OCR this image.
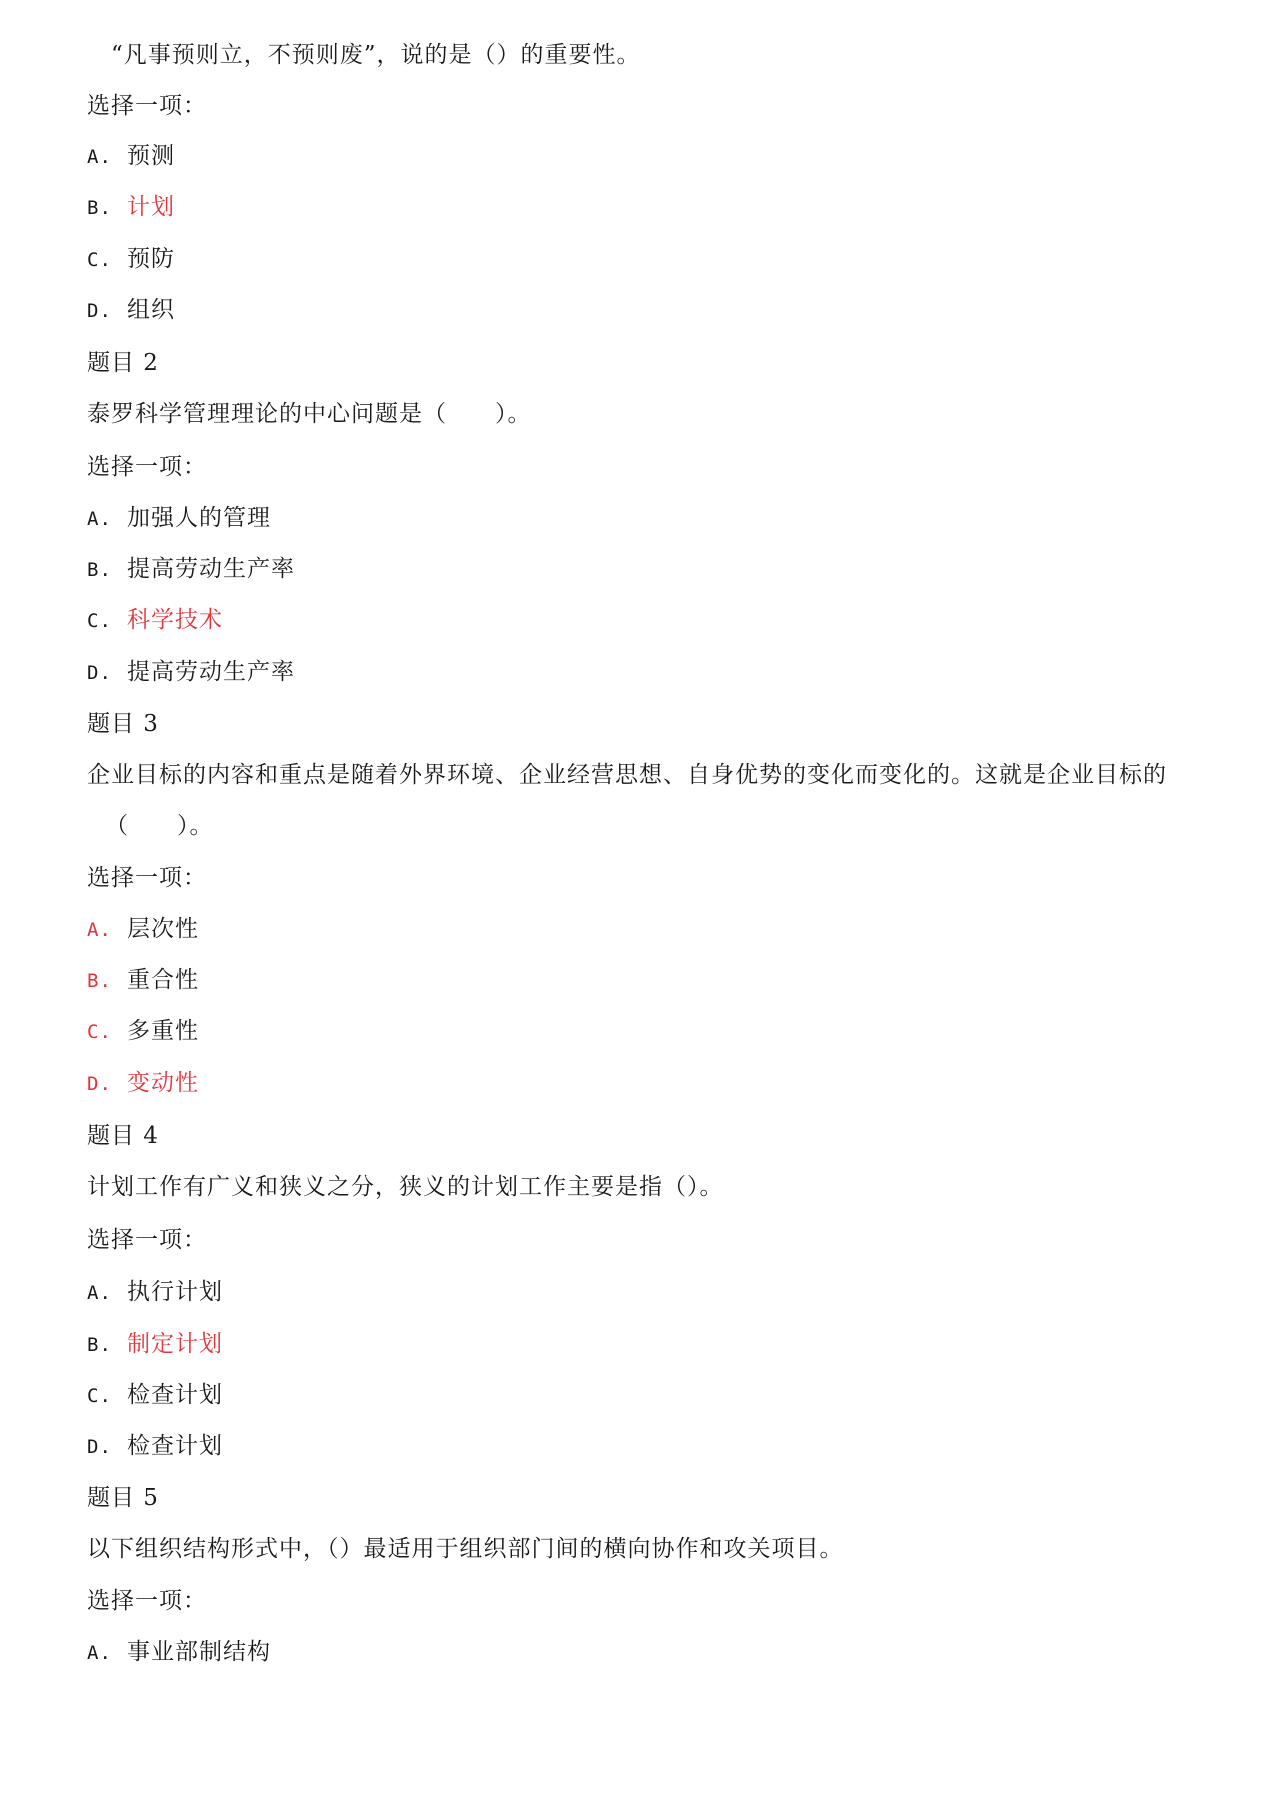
“凡事预则立，不预则废”，说的是（）的重要性。
选择一项：
A. 预测
B. 计划
C. 预防
D. 组织
题目 2
泰罗科学管理理论的中心问题是（　　）。
选择一项：
A. 加强人的管理
B. 提高劳动生产率
C. 科学技术
D. 提高劳动生产率
题目 3
企业目标的内容和重点是随着外界环境、企业经营思想、自身优势的变化而变化的。这就是企业目标的
（　　）。
选择一项：
A. 层次性
B. 重合性
C. 多重性
D. 变动性
题目 4
计划工作有广义和狭义之分，狭义的计划工作主要是指（）。
选择一项：
A. 执行计划
B. 制定计划
C. 检查计划
D. 检查计划
题目 5
以下组织结构形式中，（）最适用于组织部门间的横向协作和攻关项目。
选择一项：
A. 事业部制结构
